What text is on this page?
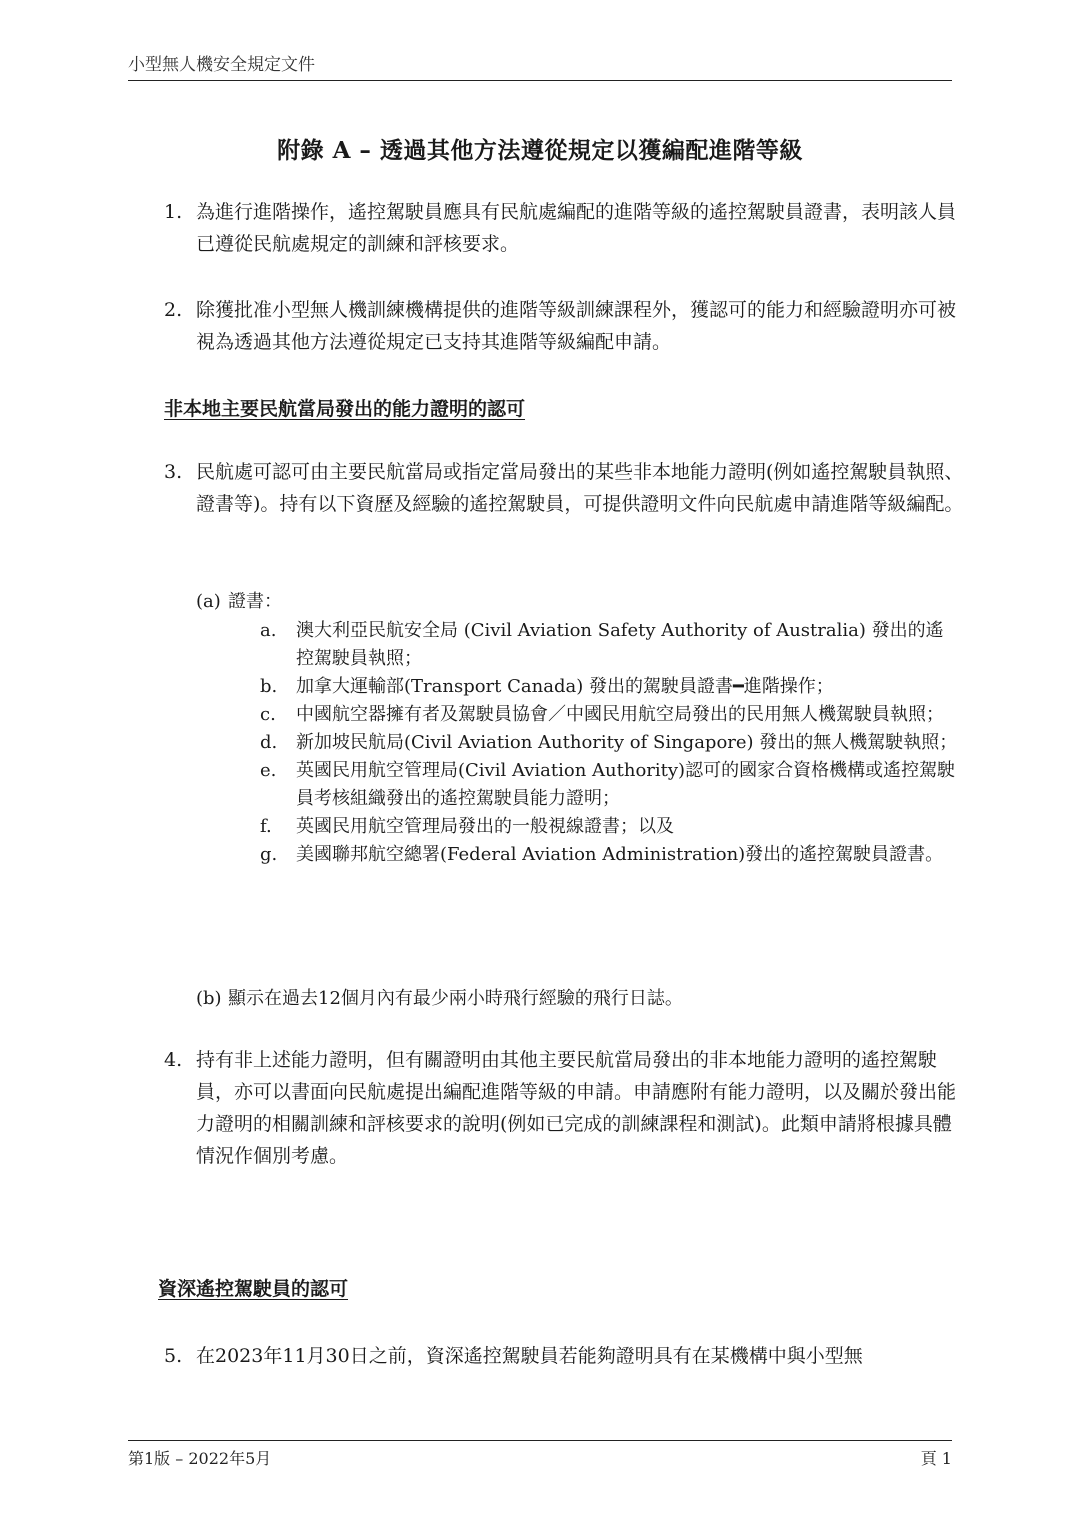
小型無人機安全規定文件
附錄 A – 透過其他方法遵從規定以獲編配進階等級
1. 為進行進階操作，遙控駕駛員應具有民航處編配的進階等級的遙控駕駛員證書，表明該人員已遵從民航處規定的訓練和評核要求。
2. 除獲批准小型無人機訓練機構提供的進階等級訓練課程外，獲認可的能力和經驗證明亦可被視為透過其他方法遵從規定已支持其進階等級編配申請。
非本地主要民航當局發出的能力證明的認可
3. 民航處可認可由主要民航當局或指定當局發出的某些非本地能力證明(例如遙控駕駛員執照、證書等)。持有以下資歷及經驗的遙控駕駛員，可提供證明文件向民航處申請進階等級編配。
(a) 證書：
a.	澳大利亞民航安全局 (Civil Aviation Safety Authority of Australia) 發出的遙控駕駛員執照；
b.	加拿大運輸部(Transport Canada) 發出的駕駛員證書━進階操作；
c.	中國航空器擁有者及駕駛員協會／中國民用航空局發出的民用無人機駕駛員執照；
d.	新加坡民航局(Civil Aviation Authority of Singapore) 發出的無人機駕駛執照；
e.	英國民用航空管理局(Civil Aviation Authority)認可的國家合資格機構或遙控駕駛員考核組織發出的遙控駕駛員能力證明；
f.	英國民用航空管理局發出的一般視線證書；以及
g.	美國聯邦航空總署(Federal Aviation Administration)發出的遙控駕駛員證書。
(b) 顯示在過去12個月內有最少兩小時飛行經驗的飛行日誌。
4. 持有非上述能力證明，但有關證明由其他主要民航當局發出的非本地能力證明的遙控駕駛員，亦可以書面向民航處提出編配進階等級的申請。申請應附有能力證明，以及關於發出能力證明的相關訓練和評核要求的說明(例如已完成的訓練課程和測試)。此類申請將根據具體情況作個別考慮。
資深遙控駕駛員的認可
5. 在2023年11月30日之前，資深遙控駕駛員若能夠證明具有在某機構中與小型無
第1版 – 2022年5月	頁 1
